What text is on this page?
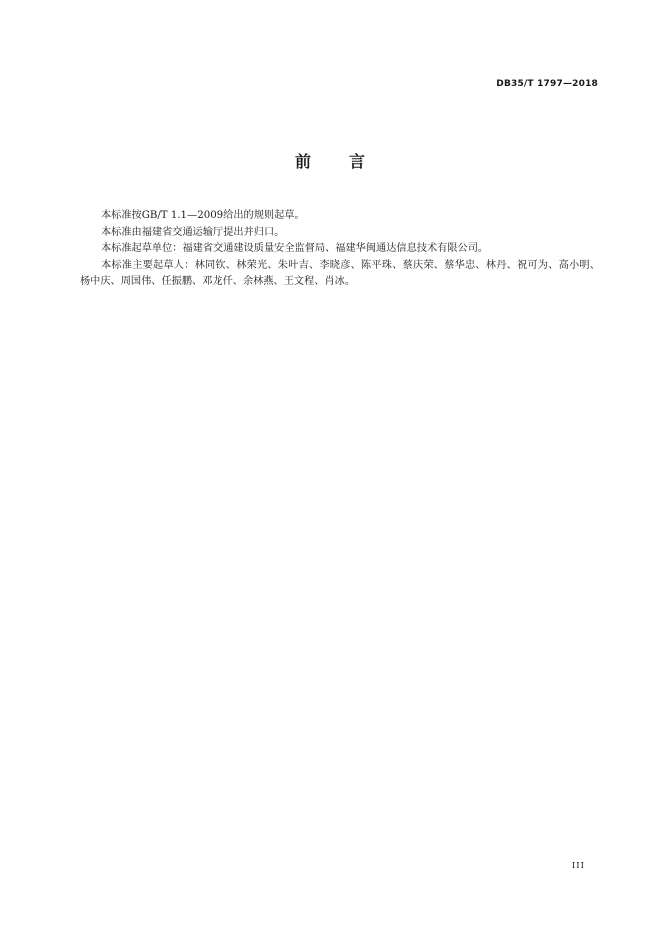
DB35/T 1797—2018
前 言

本标准按GB/T 1.1—2009给出的规则起草。

本标准由福建省交通运输厅提出并归口。

本标准起草单位：福建省交通建设质量安全监督局、福建华闽通达信息技术有限公司。

本标准主要起草人：林同钦、林荣光、朱叶吉、李晓彦、陈平珠、蔡庆荣、蔡华忠、林丹、祝可为、高小明、杨中庆、周国伟、任振鹏、邓龙仟、余林燕、王文程、肖冰。

III
